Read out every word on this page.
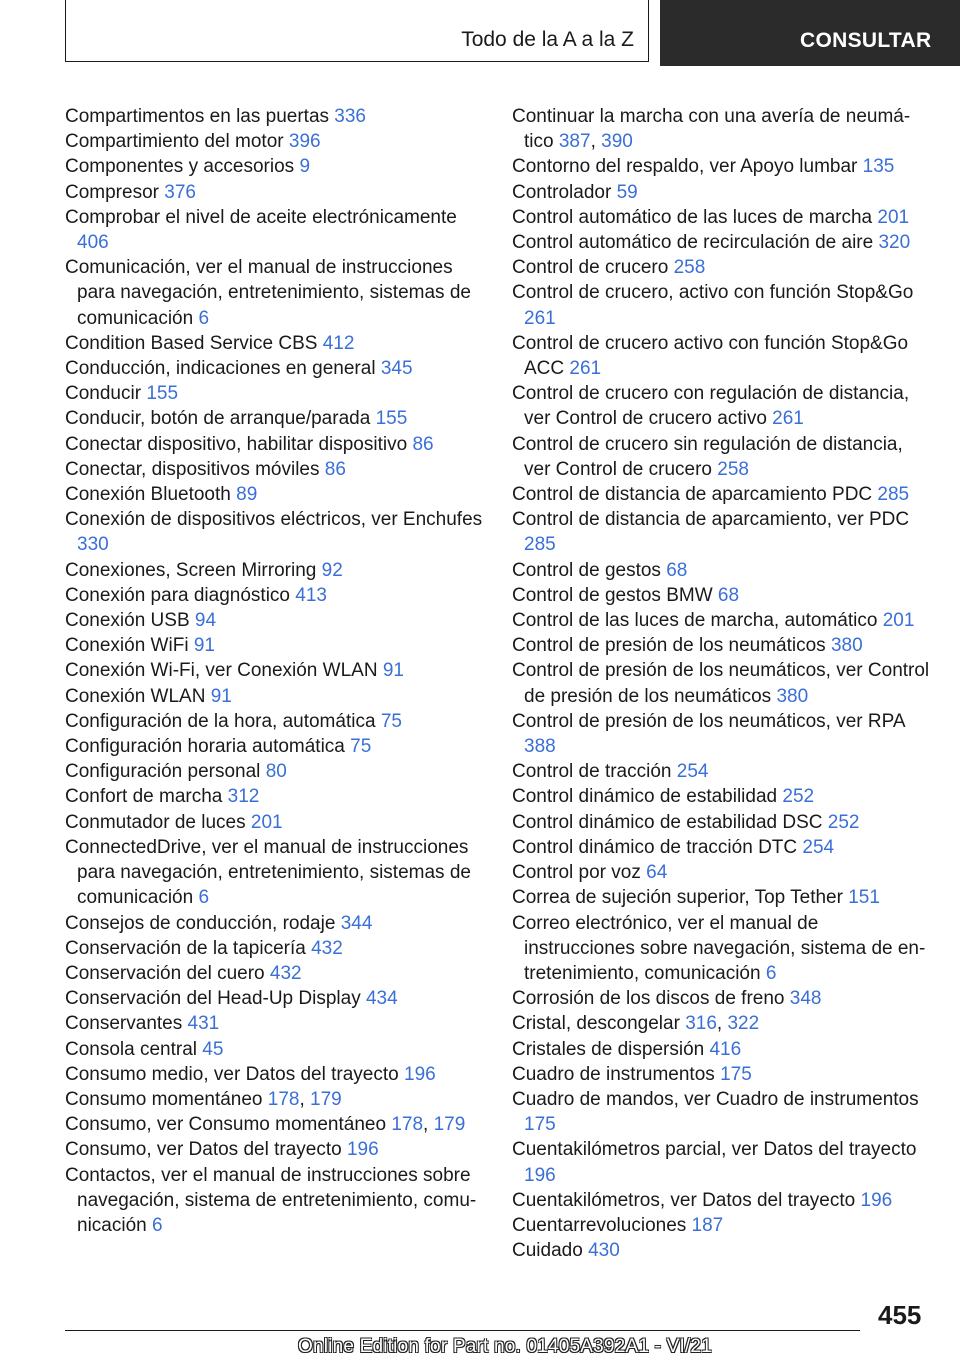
Todo de la A a la Z	CONSULTAR
Compartimentos en las puertas 336
Compartimiento del motor 396
Componentes y accesorios 9
Compresor 376
Comprobar el nivel de aceite electrónicamente 406
Comunicación, ver el manual de instrucciones para navegación, entretenimiento, sistemas de comunicación 6
Condition Based Service CBS 412
Conducción, indicaciones en general 345
Conducir 155
Conducir, botón de arranque/parada 155
Conectar dispositivo, habilitar dispositivo 86
Conectar, dispositivos móviles 86
Conexión Bluetooth 89
Conexión de dispositivos eléctricos, ver Enchufes 330
Conexiones, Screen Mirroring 92
Conexión para diagnóstico 413
Conexión USB 94
Conexión WiFi 91
Conexión Wi-Fi, ver Conexión WLAN 91
Conexión WLAN 91
Configuración de la hora, automática 75
Configuración horaria automática 75
Configuración personal 80
Confort de marcha 312
Conmutador de luces 201
ConnectedDrive, ver el manual de instrucciones para navegación, entretenimiento, sistemas de comunicación 6
Consejos de conducción, rodaje 344
Conservación de la tapicería 432
Conservación del cuero 432
Conservación del Head-Up Display 434
Conservantes 431
Consola central 45
Consumo medio, ver Datos del trayecto 196
Consumo momentáneo 178, 179
Consumo, ver Consumo momentáneo 178, 179
Consumo, ver Datos del trayecto 196
Contactos, ver el manual de instrucciones sobre navegación, sistema de entretenimiento, comunicación 6
Continuar la marcha con una avería de neumático 387, 390
Contorno del respaldo, ver Apoyo lumbar 135
Controlador 59
Control automático de las luces de marcha 201
Control automático de recirculación de aire 320
Control de crucero 258
Control de crucero, activo con función Stop&Go 261
Control de crucero activo con función Stop&Go ACC 261
Control de crucero con regulación de distancia, ver Control de crucero activo 261
Control de crucero sin regulación de distancia, ver Control de crucero 258
Control de distancia de aparcamiento PDC 285
Control de distancia de aparcamiento, ver PDC 285
Control de gestos 68
Control de gestos BMW 68
Control de las luces de marcha, automático 201
Control de presión de los neumáticos 380
Control de presión de los neumáticos, ver Control de presión de los neumáticos 380
Control de presión de los neumáticos, ver RPA 388
Control de tracción 254
Control dinámico de estabilidad 252
Control dinámico de estabilidad DSC 252
Control dinámico de tracción DTC 254
Control por voz 64
Correa de sujeción superior, Top Tether 151
Correo electrónico, ver el manual de instrucciones sobre navegación, sistema de entretenimiento, comunicación 6
Corrosión de los discos de freno 348
Cristal, descongelar 316, 322
Cristales de dispersión 416
Cuadro de instrumentos 175
Cuadro de mandos, ver Cuadro de instrumentos 175
Cuentakilómetros parcial, ver Datos del trayecto 196
Cuentakilómetros, ver Datos del trayecto 196
Cuentarrevoluciones 187
Cuidado 430
455
Online Edition for Part no. 01405A392A1 - VI/21
